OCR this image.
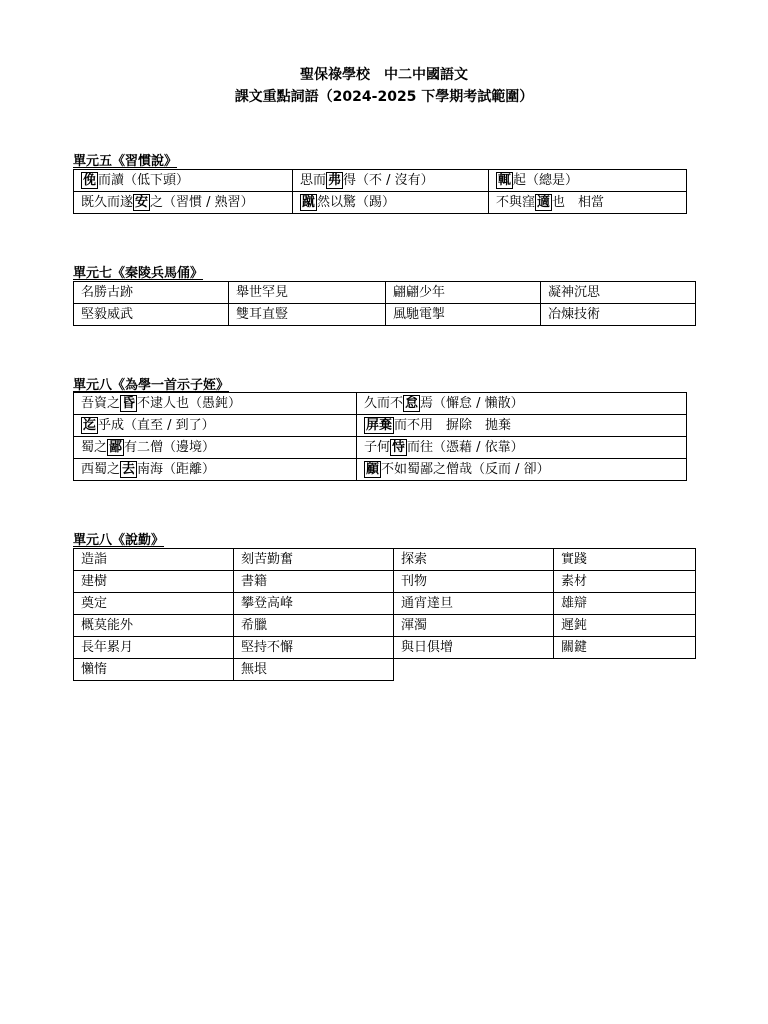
聖保祿學校　中二中國語文
課文重點詞語（2024-2025 下學期考試範圍）
單元五《習慣說》
俛 而讀（低下頭）	思而 弗 得（不 / 沒有）	輒 起（總是）
既久而遂 安 之（習慣 / 熟習）	蹴 然以驚（踢）	不與窪 適 也　相當
單元七《秦陵兵馬俑》
名勝古跡	舉世罕見	翩翩少年	凝神沉思
堅毅威武	雙耳直豎	風馳電掣	冶煉技術
單元八《為學一首示子姪》
吾資之 昏 不逮人也（愚鈍）	久而不 怠 焉（懈怠 / 懶散）
迄 乎成（直至 / 到了）	屏棄 而不用　摒除　拋棄
蜀之 鄙 有二僧（邊境）	子何 恃 而往（憑藉 / 依靠）
西蜀之 去 南海（距離）	顧 不如蜀鄙之僧哉（反而 / 卻）
單元八《說勤》
造詣	刻苦勤奮	探索	實踐
建樹	書籍	刊物	素材
奠定	攀登高峰	通宵達旦	雄辯
概莫能外	希臘	渾濁	遲鈍
長年累月	堅持不懈	與日俱增	關鍵
懶惰	無垠		
